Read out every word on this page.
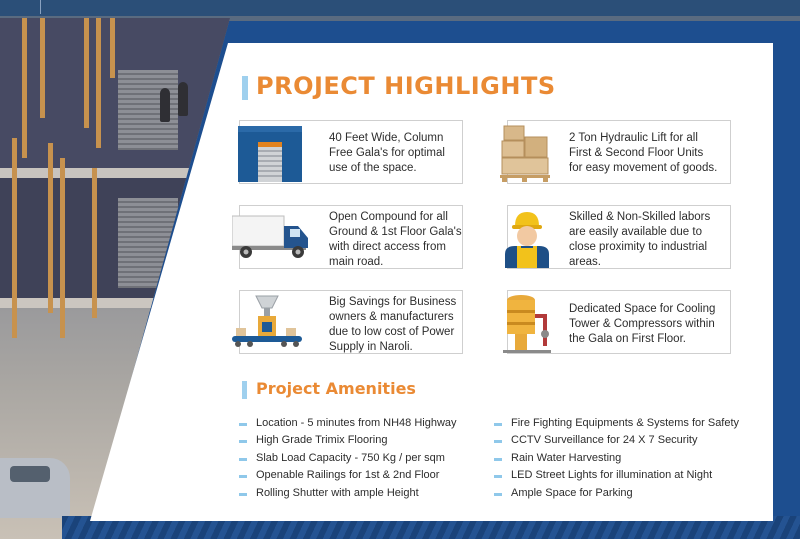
PROJECT HIGHLIGHTS

40 Feet Wide, Column
Free Gala's for optimal
use of the space.

2 Ton Hydraulic Lift for all
First & Second Floor Units
for easy movement of goods.

Open Compound for all
Ground & 1st Floor Gala's
with direct access from
main road.

Skilled & Non-Skilled labors
are easily available due to
close proximity to industrial
areas.

Big Savings for Business
owners & manufacturers
due to low cost of Power
Supply in Naroli.

Dedicated Space for Cooling
Tower & Compressors within
the Gala on First Floor.

Project Amenities
Location - 5 minutes from NH48 Highway
High Grade Trimix Flooring
Slab Load Capacity - 750 Kg / per sqm
Openable Railings for 1st & 2nd Floor
Rolling Shutter with ample Height
Fire Fighting Equipments & Systems for Safety
CCTV Surveillance for 24 X 7 Security
Rain Water Harvesting
LED Street Lights for illumination at Night
Ample Space for Parking
